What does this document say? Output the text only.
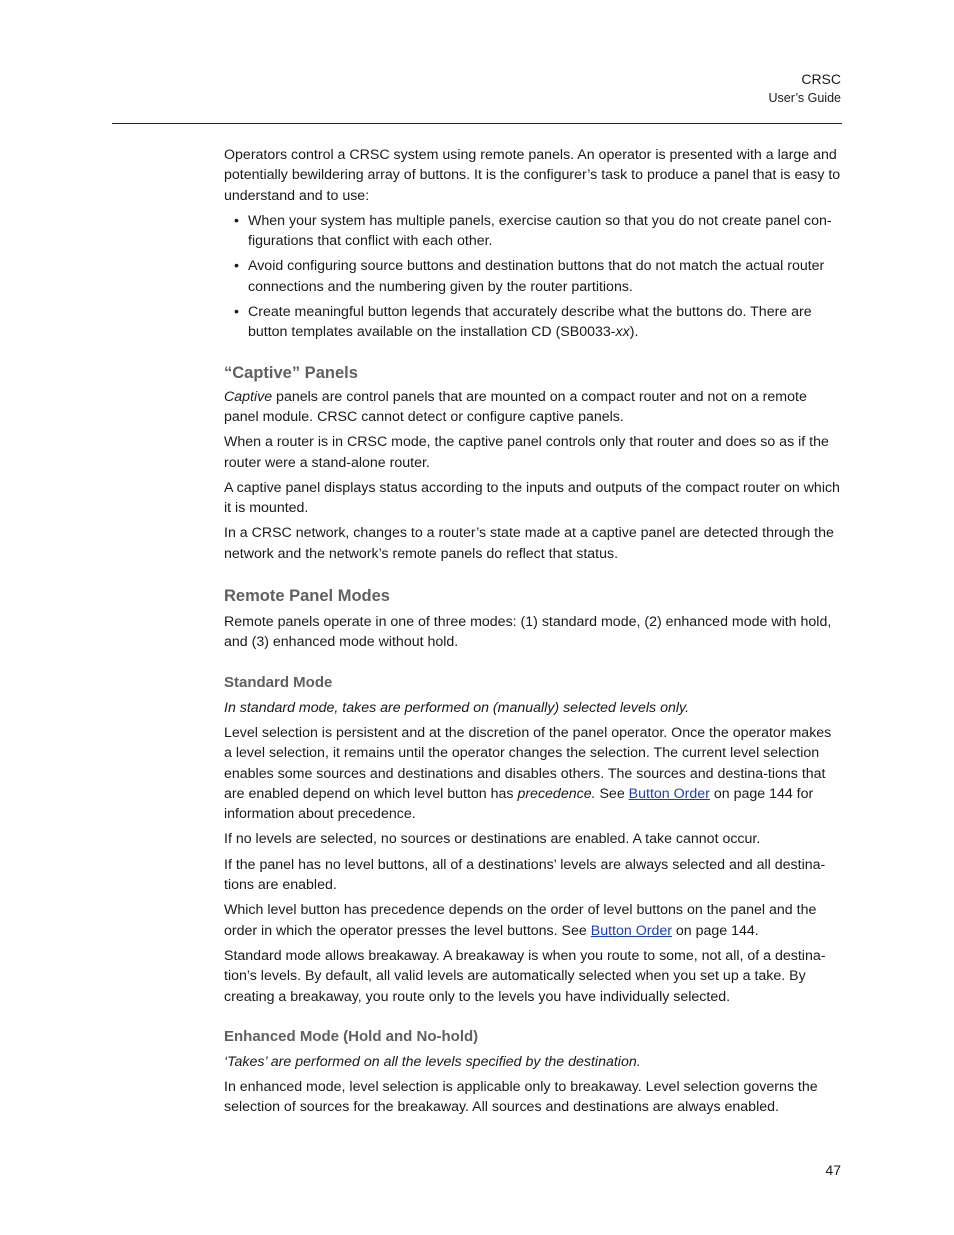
CRSC
User’s Guide

Operators control a CRSC system using remote panels. An operator is presented with a large and potentially bewildering array of buttons. It is the configurer’s task to produce a panel that is easy to understand and to use:

• When your system has multiple panels, exercise caution so that you do not create panel con-figurations that conflict with each other.
• Avoid configuring source buttons and destination buttons that do not match the actual router connections and the numbering given by the router partitions.
• Create meaningful button legends that accurately describe what the buttons do. There are button templates available on the installation CD (SB0033-xx).
“Captive” Panels

Captive panels are control panels that are mounted on a compact router and not on a remote panel module. CRSC cannot detect or configure captive panels.

When a router is in CRSC mode, the captive panel controls only that router and does so as if the router were a stand-alone router.

A captive panel displays status according to the inputs and outputs of the compact router on which it is mounted.

In a CRSC network, changes to a router’s state made at a captive panel are detected through the network and the network’s remote panels do reflect that status.

Remote Panel Modes

Remote panels operate in one of three modes: (1) standard mode, (2) enhanced mode with hold, and (3) enhanced mode without hold.

Standard Mode

In standard mode, takes are performed on (manually) selected levels only.

Level selection is persistent and at the discretion of the panel operator. Once the operator makes a level selection, it remains until the operator changes the selection. The current level selection enables some sources and destinations and disables others. The sources and destina-tions that are enabled depend on which level button has precedence. See Button Order on page 144 for information about precedence.

If no levels are selected, no sources or destinations are enabled. A take cannot occur.

If the panel has no level buttons, all of a destinations’ levels are always selected and all destina-tions are enabled.

Which level button has precedence depends on the order of level buttons on the panel and the order in which the operator presses the level buttons. See Button Order on page 144.

Standard mode allows breakaway. A breakaway is when you route to some, not all, of a destina-tion’s levels. By default, all valid levels are automatically selected when you set up a take. By creating a breakaway, you route only to the levels you have individually selected.

Enhanced Mode (Hold and No-hold)

‘Takes’ are performed on all the levels specified by the destination.

In enhanced mode, level selection is applicable only to breakaway. Level selection governs the selection of sources for the breakaway. All sources and destinations are always enabled.

47
